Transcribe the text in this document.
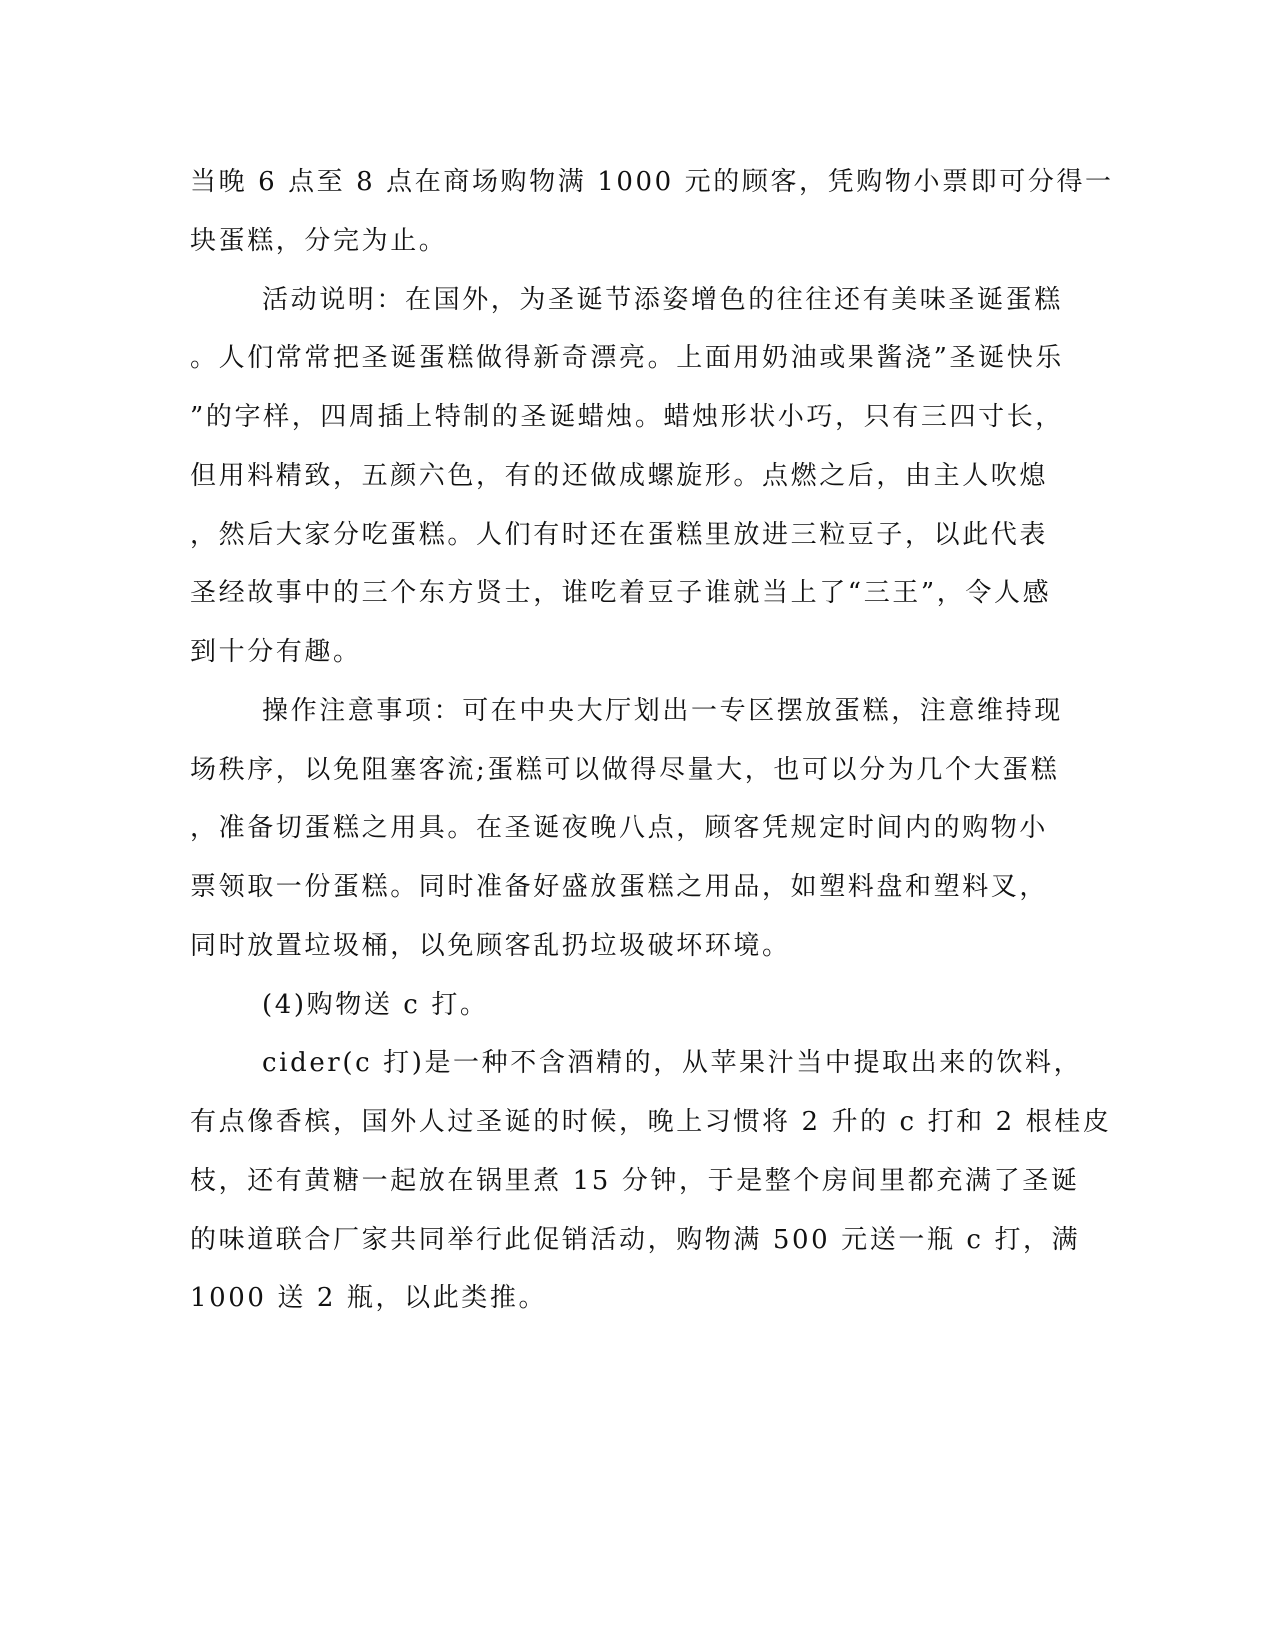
当晚 6 点至 8 点在商场购物满 1000 元的顾客，凭购物小票即可分得一

块蛋糕，分完为止。

活动说明：在国外，为圣诞节添姿增色的往往还有美味圣诞蛋糕

。人们常常把圣诞蛋糕做得新奇漂亮。上面用奶油或果酱浇”圣诞快乐

”的字样，四周插上特制的圣诞蜡烛。蜡烛形状小巧，只有三四寸长，

但用料精致，五颜六色，有的还做成螺旋形。点燃之后，由主人吹熄

，然后大家分吃蛋糕。人们有时还在蛋糕里放进三粒豆子，以此代表

圣经故事中的三个东方贤士，谁吃着豆子谁就当上了“三王”，令人感

到十分有趣。

操作注意事项：可在中央大厅划出一专区摆放蛋糕，注意维持现

场秩序，以免阻塞客流;蛋糕可以做得尽量大，也可以分为几个大蛋糕

，准备切蛋糕之用具。在圣诞夜晚八点，顾客凭规定时间内的购物小

票领取一份蛋糕。同时准备好盛放蛋糕之用品，如塑料盘和塑料叉，

同时放置垃圾桶，以免顾客乱扔垃圾破坏环境。

(4)购物送 c 打。

cider(c 打)是一种不含酒精的，从苹果汁当中提取出来的饮料，

有点像香槟，国外人过圣诞的时候，晚上习惯将 2 升的 c 打和 2 根桂皮

枝，还有黄糖一起放在锅里煮 15 分钟，于是整个房间里都充满了圣诞

的味道联合厂家共同举行此促销活动，购物满 500 元送一瓶 c 打，满

1000 送 2 瓶，以此类推。
